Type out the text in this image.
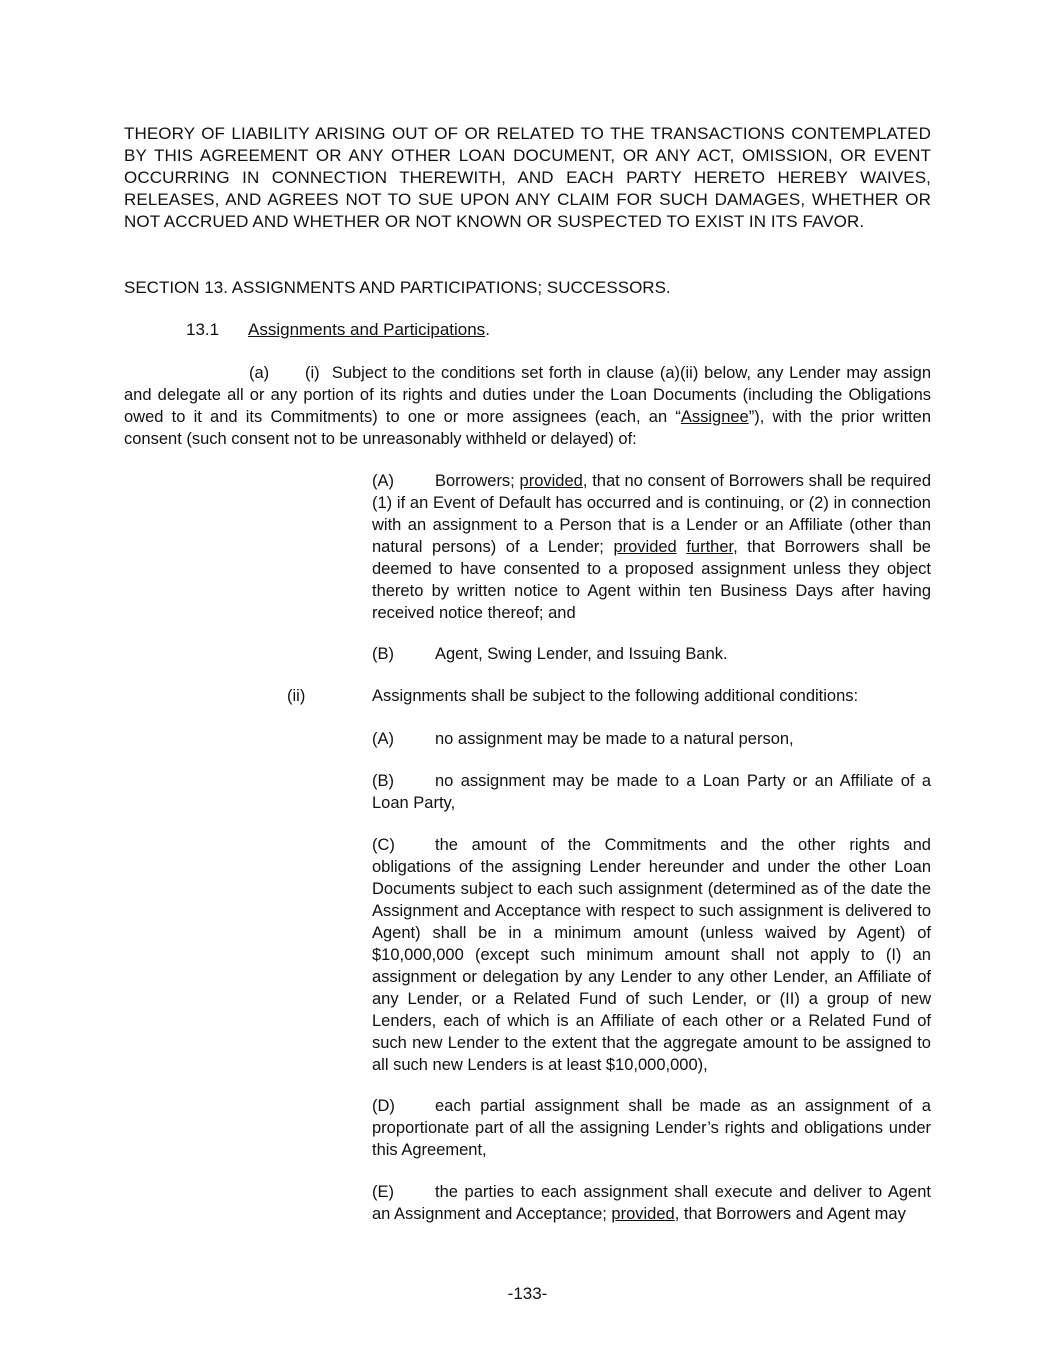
THEORY OF LIABILITY ARISING OUT OF OR RELATED TO THE TRANSACTIONS CONTEMPLATED BY THIS AGREEMENT OR ANY OTHER LOAN DOCUMENT, OR ANY ACT, OMISSION, OR EVENT OCCURRING IN CONNECTION THEREWITH, AND EACH PARTY HERETO HEREBY WAIVES, RELEASES, AND AGREES NOT TO SUE UPON ANY CLAIM FOR SUCH DAMAGES, WHETHER OR NOT ACCRUED AND WHETHER OR NOT KNOWN OR SUSPECTED TO EXIST IN ITS FAVOR.
SECTION 13. ASSIGNMENTS AND PARTICIPATIONS; SUCCESSORS.
13.1 Assignments and Participations.
(a) (i) Subject to the conditions set forth in clause (a)(ii) below, any Lender may assign and delegate all or any portion of its rights and duties under the Loan Documents (including the Obligations owed to it and its Commitments) to one or more assignees (each, an “Assignee”), with the prior written consent (such consent not to be unreasonably withheld or delayed) of:
(A) Borrowers; provided, that no consent of Borrowers shall be required (1) if an Event of Default has occurred and is continuing, or (2) in connection with an assignment to a Person that is a Lender or an Affiliate (other than natural persons) of a Lender; provided further, that Borrowers shall be deemed to have consented to a proposed assignment unless they object thereto by written notice to Agent within ten Business Days after having received notice thereof; and
(B) Agent, Swing Lender, and Issuing Bank.
(ii)	Assignments shall be subject to the following additional conditions:
(A) no assignment may be made to a natural person,
(B) no assignment may be made to a Loan Party or an Affiliate of a Loan Party,
(C) the amount of the Commitments and the other rights and obligations of the assigning Lender hereunder and under the other Loan Documents subject to each such assignment (determined as of the date the Assignment and Acceptance with respect to such assignment is delivered to Agent) shall be in a minimum amount (unless waived by Agent) of $10,000,000 (except such minimum amount shall not apply to (I) an assignment or delegation by any Lender to any other Lender, an Affiliate of any Lender, or a Related Fund of such Lender, or (II) a group of new Lenders, each of which is an Affiliate of each other or a Related Fund of such new Lender to the extent that the aggregate amount to be assigned to all such new Lenders is at least $10,000,000),
(D) each partial assignment shall be made as an assignment of a proportionate part of all the assigning Lender’s rights and obligations under this Agreement,
(E) the parties to each assignment shall execute and deliver to Agent an Assignment and Acceptance; provided, that Borrowers and Agent may
-133-
